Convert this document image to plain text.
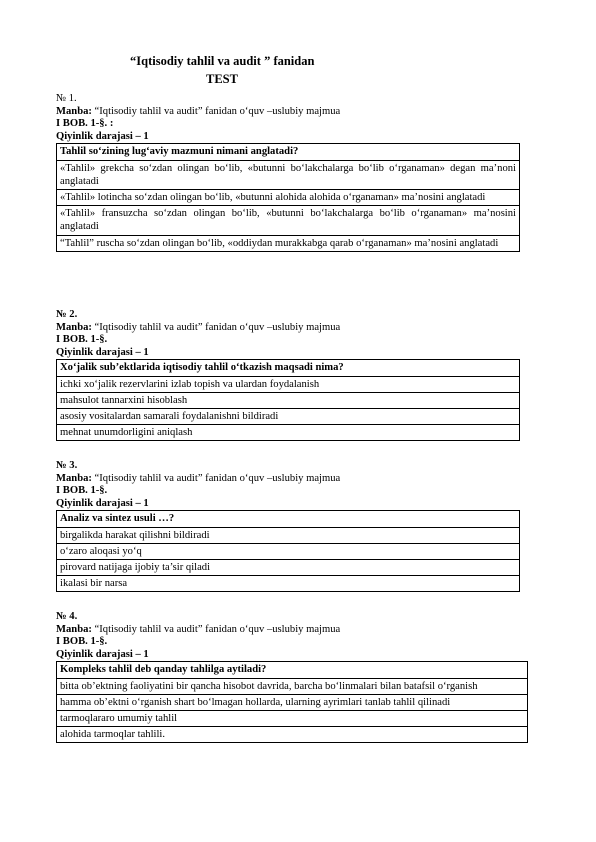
“Iqtisodiy tahlil va audit ” fanidan
TEST
№ 1.
Manba: “Iqtisodiy tahlil va audit” fanidan o‘quv –uslubiy majmua
I BOB. 1-§. :
Qiyinlik darajasi – 1
Tahlil so‘zining lug‘aviy mazmuni nimani anglatadi?
«Tahlil» grekcha so‘zdan olingan bo‘lib, «butunni bo‘lakchalarga bo‘lib o‘rganaman» degan ma’noni anglatadi
«Tahlil» lotincha so‘zdan olingan bo‘lib, «butunni alohida alohida o‘rganaman» ma’nosini anglatadi
«Tahlil» fransuzcha so‘zdan olingan bo‘lib, «butunni bo‘lakchalarga bo‘lib o‘rganaman» ma’nosini anglatadi
“Tahlil” ruscha so‘zdan olingan bo‘lib, «oddiydan murakkabga qarab o‘rganaman» ma’nosini anglatadi
№ 2.
Manba: “Iqtisodiy tahlil va audit” fanidan o‘quv –uslubiy majmua
I BOB. 1-§.
Qiyinlik darajasi – 1
Xo‘jalik sub’ektlarida iqtisodiy tahlil o‘tkazish maqsadi nima?
ichki xo‘jalik rezervlarini izlab topish va ulardan foydalanish
mahsulot tannarxini hisoblash
asosiy vositalardan samarali foydalanishni bildiradi
mehnat unumdorligini aniqlash
№ 3.
Manba: “Iqtisodiy tahlil va audit” fanidan o‘quv –uslubiy majmua
I BOB. 1-§.
Qiyinlik darajasi – 1
Analiz va sintez usuli …?
birgalikda harakat qilishni bildiradi
o‘zaro aloqasi yo‘q
pirovard natijaga ijobiy ta’sir qiladi
ikalasi bir narsa
№ 4.
Manba: “Iqtisodiy tahlil va audit” fanidan o‘quv –uslubiy majmua
I BOB. 1-§.
Qiyinlik darajasi – 1
Kompleks tahlil deb qanday tahlilga aytiladi?
bitta ob’ektning faoliyatini bir qancha hisobot davrida, barcha bo‘linmalari bilan batafsil o‘rganish
hamma ob’ektni o‘rganish shart bo‘lmagan hollarda, ularning ayrimlari tanlab tahlil qilinadi
tarmoqlararo umumiy tahlil
alohida tarmoqlar tahlili.
